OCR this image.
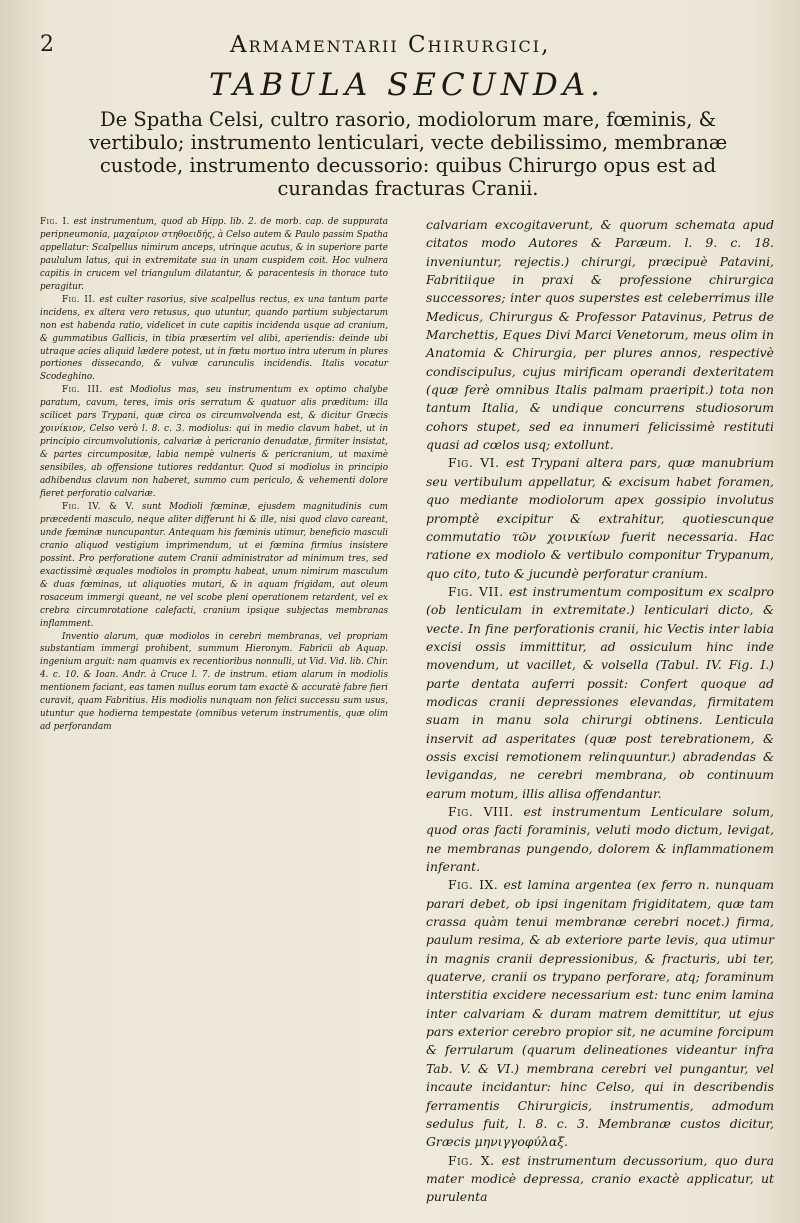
2	Armamentarii Chirurgici,
TABULA SECUNDA.
De Spatha Celsi, cultro rasorio, modiolorum mare, fœminis, & vertibulo; instrumento lenticulari, vecte debilissimo, membranæ custode, instrumento decussorio: quibus Chirurgo opus est ad curandas fracturas Cranii.

Fig. I. est instrumentum, quod ab Hipp. lib. 2. de morb. cap. de suppurata peripneumonia, μαχαίριον στηθοειδής, à Celso autem & Paulo passim Spatha appellatur: Scalpellus nimirum anceps, utrinque acutus, & in superiore parte paululum latus, qui in extremitate sua in unam cuspidem coit. Hoc vulnera capitis in crucem vel triangulum dilatantur, & paracentesis in thorace tuto peragitur.

Fig. II. est culter rasorius, sive scalpellus rectus, ex una tantum parte incidens, ex altera vero retusus, quo utuntur, quando partium subjectarum non est habenda ratio, videlicet in cute capitis incidenda usque ad cranium, & gummatibus Gallicis, in tibia præsertim vel alibi, aperiendis: deinde ubi utraque acies aliquid lædere potest, ut in fœtu mortuo intra uterum in plures portiones dissecando, & vulvæ carunculis incidendis. Italis vocatur Scodeghino.

Fig. III. est Modiolus mas, seu instrumentum ex optimo chalybe paratum, cavum, teres, imis oris serratum & quatuor alis præditum: illa scilicet pars Trypani, quæ circa os circumvolvenda est, & dicitur Græcis χοινίκιον, Celso verò l. 8. c. 3. modiolus: qui in medio clavum habet, ut in principio circumvolutionis, calvariæ à pericranio denudatæ, firmiter insistat, & partes circumpositæ, labia nempè vulneris & pericranium, ut maximè sensibiles, ab offensione tutiores reddantur. Quod si modiolus in principio adhibendus clavum non haberet, summo cum periculo, & vehementi dolore fieret perforatio calvariæ.

Fig. IV. & V. sunt Modioli fœminæ, ejusdem magnitudinis cum præcedenti masculo, neque aliter differunt hi & ille, nisi quod clavo careant, unde fœminæ nuncupantur. Antequam his fœminis utimur, beneficio masculi cranio aliquod vestigium imprimendum, ut ei fœmina firmius insistere possint. Pro perforatione autem Cranii administrator ad minimum tres, sed exactissimè æquales modiolos in promptu habeat, unum nimirum masculum & duas fœminas, ut aliquoties mutari, & in aquam frigidam, aut oleum rosaceum immergi queant, ne vel scobe pleni operationem retardent, vel ex crebra circumrotatione calefacti, cranium ipsique subjectas membranas inflamment.

Inventio alarum, quæ modiolos in cerebri membranas, vel propriam substantiam immergi prohibent, summum Hieronym. Fabricii ab Aquap. ingenium arguit: nam quamvis ex recentioribus nonnulli, ut Vid. Vid. lib. Chir. 4. c. 10. & Ioan. Andr. à Cruce l. 7. de instrum. etiam alarum in modiolis mentionem faciant, eas tamen nullus eorum tam exactè & accuratè fabre fieri curavit, quam Fabritius. His modiolis nunquam non felici successu sum usus, utuntur que hodierna tempestate (omnibus veterum instrumentis, quæ olim ad perforandam

calvariam excogitaverunt, & quorum schemata apud citatos modo Autores & Paræum. l. 9. c. 18. inveniuntur, rejectis.) chirurgi, præcipuè Patavini, Fabritiique in praxi & professione chirurgica successores; inter quos superstes est celeberrimus ille Medicus, Chirurgus & Professor Patavinus, Petrus de Marchettis, Eques Divi Marci Venetorum, meus olim in Anatomia & Chirurgia, per plures annos, respectivè condiscipulus, cujus mirificam operandi dexteritatem (quæ ferè omnibus Italis palmam praeripit.) tota non tantum Italia, & undique concurrens studiosorum cohors stupet, sed ea innumeri felicissimè restituti quasi ad cœlos usq; extollunt.

Fig. VI. est Trypani altera pars, quæ manubrium seu vertibulum appellatur, & excisum habet foramen, quo mediante modiolorum apex gossipio involutus promptè excipitur & extrahitur, quotiescunque commutatio τῶν χοινικίων fuerit necessaria. Hac ratione ex modiolo & vertibulo componitur Trypanum, quo cito, tuto & jucundè perforatur cranium.

Fig. VII. est instrumentum compositum ex scalpro (ob lenticulam in extremitate.) lenticulari dicto, & vecte. In fine perforationis cranii, hic Vectis inter labia excisi ossis immittitur, ad ossiculum hinc inde movendum, ut vacillet, & volsella (Tabul. IV. Fig. I.) parte dentata auferri possit: Confert quoque ad modicas cranii depressiones elevandas, firmitatem suam in manu sola chirurgi obtinens. Lenticula inservit ad asperitates (quæ post terebrationem, & ossis excisi remotionem relinquuntur.) abradendas & levigandas, ne cerebri membrana, ob continuum earum motum, illis allisa offendantur.

Fig. VIII. est instrumentum Lenticulare solum, quod oras facti foraminis, veluti modo dictum, levigat, ne membranas pungendo, dolorem & inflammationem inferant.

Fig. IX. est lamina argentea (ex ferro n. nunquam parari debet, ob ipsi ingenitam frigiditatem, quæ tam crassa quàm tenui membranæ cerebri nocet.) firma, paulum resima, & ab exteriore parte levis, qua utimur in magnis cranii depressionibus, & fracturis, ubi ter, quaterve, cranii os trypano perforare, atq; foraminum interstitia excidere necessarium est: tunc enim lamina inter calvariam & duram matrem demittitur, ut ejus pars exterior cerebro propior sit, ne acumine forcipum & ferrularum (quarum delineationes videantur infra Tab. V. & VI.) membrana cerebri vel pungantur, vel incaute incidantur: hinc Celso, qui in describendis ferramentis Chirurgicis, instrumentis, admodum sedulus fuit, l. 8. c. 3. Membranæ custos dicitur, Græcis μηνιγγοφύλαξ.

Fig. X. est instrumentum decussorium, quo dura mater modicè depressa, cranio exactè applicatur, ut purulenta
